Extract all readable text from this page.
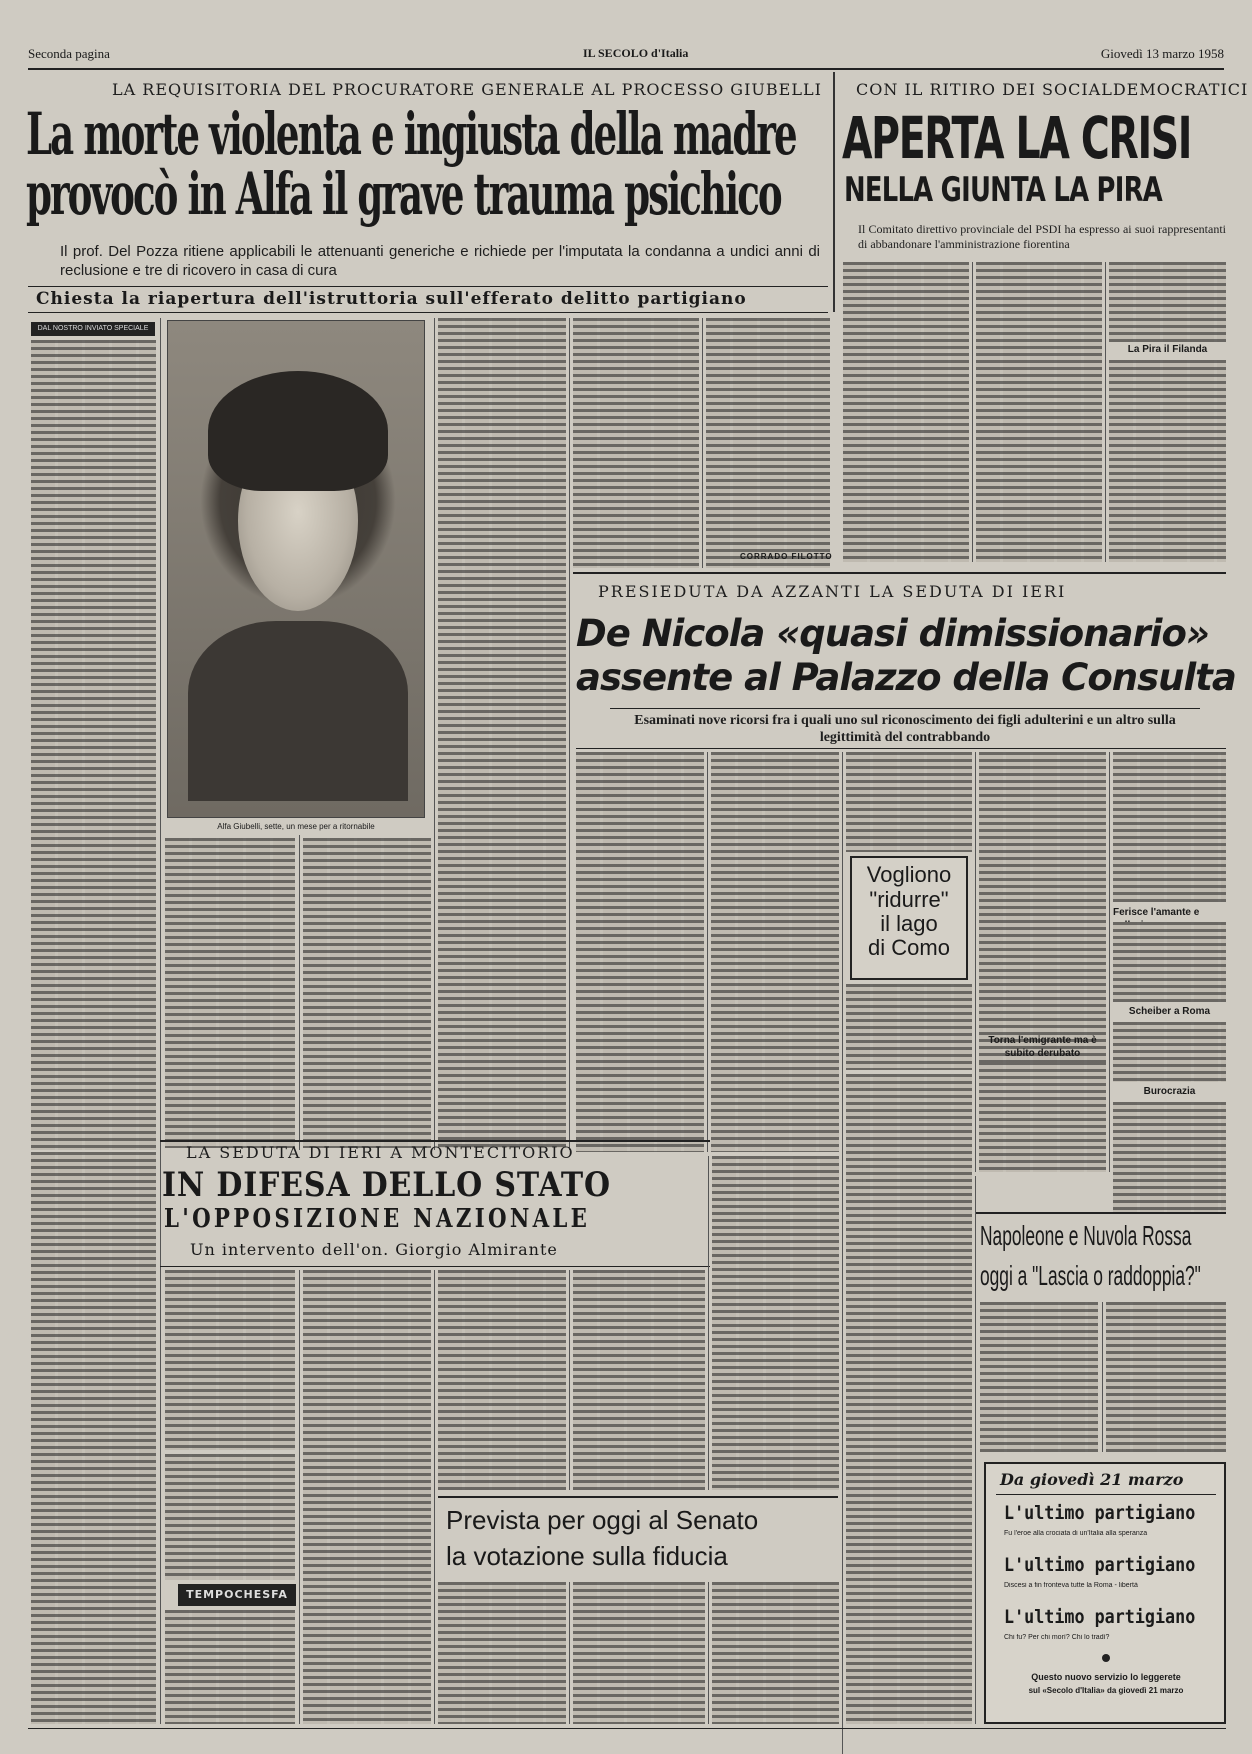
Seconda pagina	IL SECOLO d'Italia	Giovedì 13 marzo 1958
LA REQUISITORIA DEL PROCURATORE GENERALE AL PROCESSO GIUBELLI
La morte violenta e ingiusta della madre
provocò in Alfa il grave trauma psichico
Il prof. Del Pozza ritiene applicabili le attenuanti generiche e richiede per l'imputata la condanna a undici anni di reclusione e tre di ricovero in casa di cura
Chiesta la riapertura dell'istruttoria sull'efferato delitto partigiano
DAL NOSTRO INVIATO SPECIALE
Alfa Giubelli, sette, un mese per a ritornabile
CON IL RITIRO DEI SOCIALDEMOCRATICI
APERTA LA CRISI
NELLA GIUNTA LA PIRA
Il Comitato direttivo provinciale del PSDI ha espresso ai suoi rappresentanti di abbandonare l'amministrazione fiorentina
La Pira il Filanda
CORRADO FILOTTO
PRESIEDUTA DA AZZANTI LA SEDUTA DI IERI
De Nicola «quasi dimissionario»
assente al Palazzo della Consulta
Esaminati nove ricorsi fra i quali uno sul riconoscimento dei figli adulterini e un altro sulla legittimità del contrabbando
Vogliono
"ridurre"
il lago
di Como
Torna l'emigrante ma è subito derubato
Ferisce l'amante e
Scheiber a Roma
Burocrazia
Napoleone e Nuvola Rossa
oggi a "Lascia o raddoppia?"
Da giovedì 21 marzo
L'ultimo partigiano
Fu l'eroe alla crociata di un'Italia alla speranza
L'ultimo partigiano
Discesi a fin fronteva tutte la Roma - libertà
L'ultimo partigiano
Chi fu? Per chi morì? Chi lo tradì?
Questo nuovo servizio lo leggerete
sul «Secolo d'Italia» da giovedì 21 marzo
LA SEDUTA DI IERI A MONTECITORIO
IN DIFESA DELLO STATO
L'OPPOSIZIONE NAZIONALE
Un intervento dell'on. Giorgio Almirante
TEMPOCHESFA
Prevista per oggi al Senato
la votazione sulla fiducia
